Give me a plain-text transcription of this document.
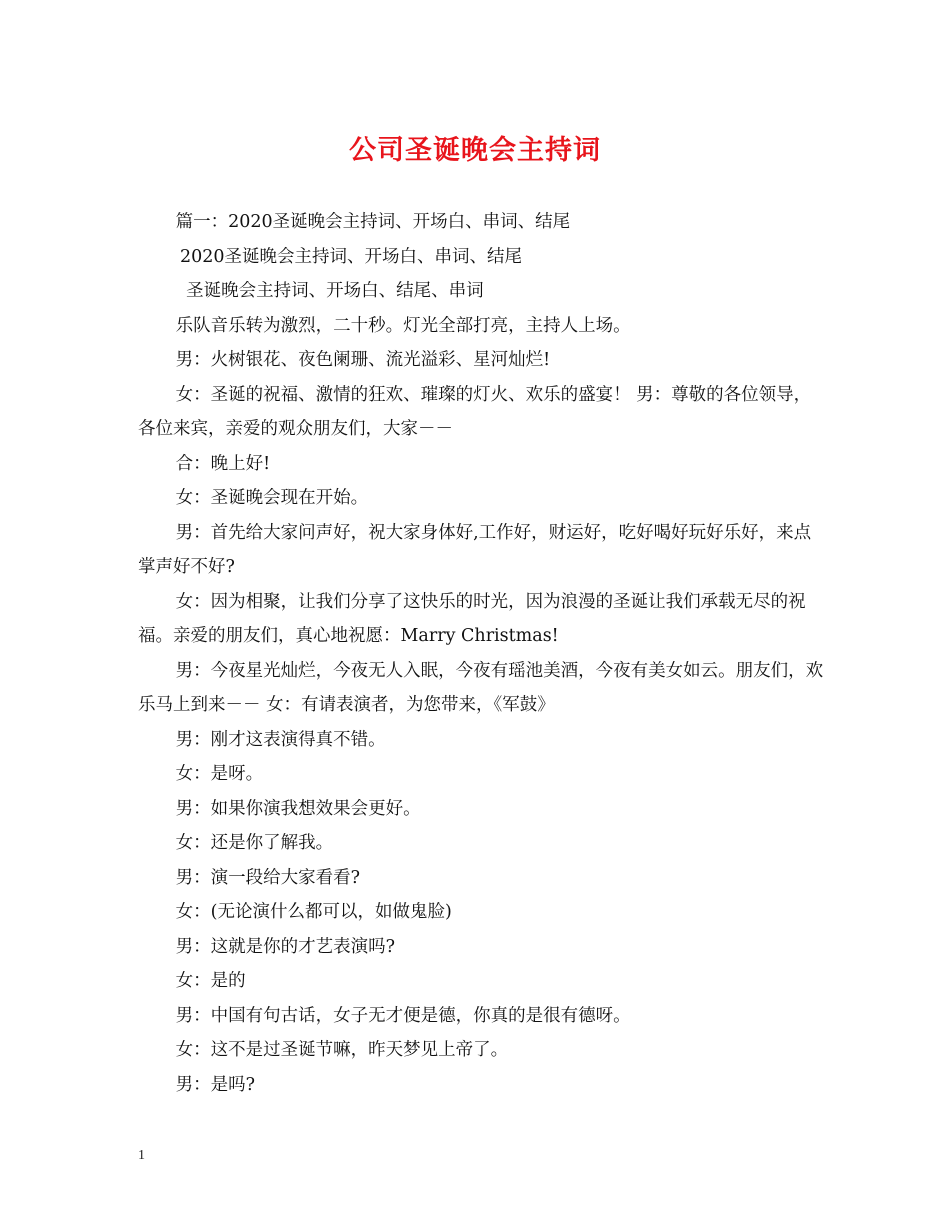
公司圣诞晚会主持词

篇一：2020圣诞晚会主持词、开场白、串词、结尾

2020圣诞晚会主持词、开场白、串词、结尾

圣诞晚会主持词、开场白、结尾、串词

乐队音乐转为激烈，二十秒。灯光全部打亮，主持人上场。

男：火树银花、夜色阑珊、流光溢彩、星河灿烂!

女：圣诞的祝福、激情的狂欢、璀璨的灯火、欢乐的盛宴！ 男：尊敬的各位领导，各位来宾，亲爱的观众朋友们，大家－－

合：晚上好!

女：圣诞晚会现在开始。

男：首先给大家问声好，祝大家身体好,工作好，财运好，吃好喝好玩好乐好，来点掌声好不好?

女：因为相聚，让我们分享了这快乐的时光，因为浪漫的圣诞让我们承载无尽的祝福。亲爱的朋友们，真心地祝愿：Marry Christmas!

男：今夜星光灿烂，今夜无人入眠，今夜有瑶池美酒，今夜有美女如云。朋友们，欢乐马上到来－－ 女：有请表演者，为您带来，《军鼓》

男：刚才这表演得真不错。

女：是呀。

男：如果你演我想效果会更好。

女：还是你了解我。

男：演一段给大家看看?

女：(无论演什么都可以，如做鬼脸)

男：这就是你的才艺表演吗?

女：是的

男：中国有句古话，女子无才便是德，你真的是很有德呀。

女：这不是过圣诞节嘛，昨天梦见上帝了。

男：是吗?

1
